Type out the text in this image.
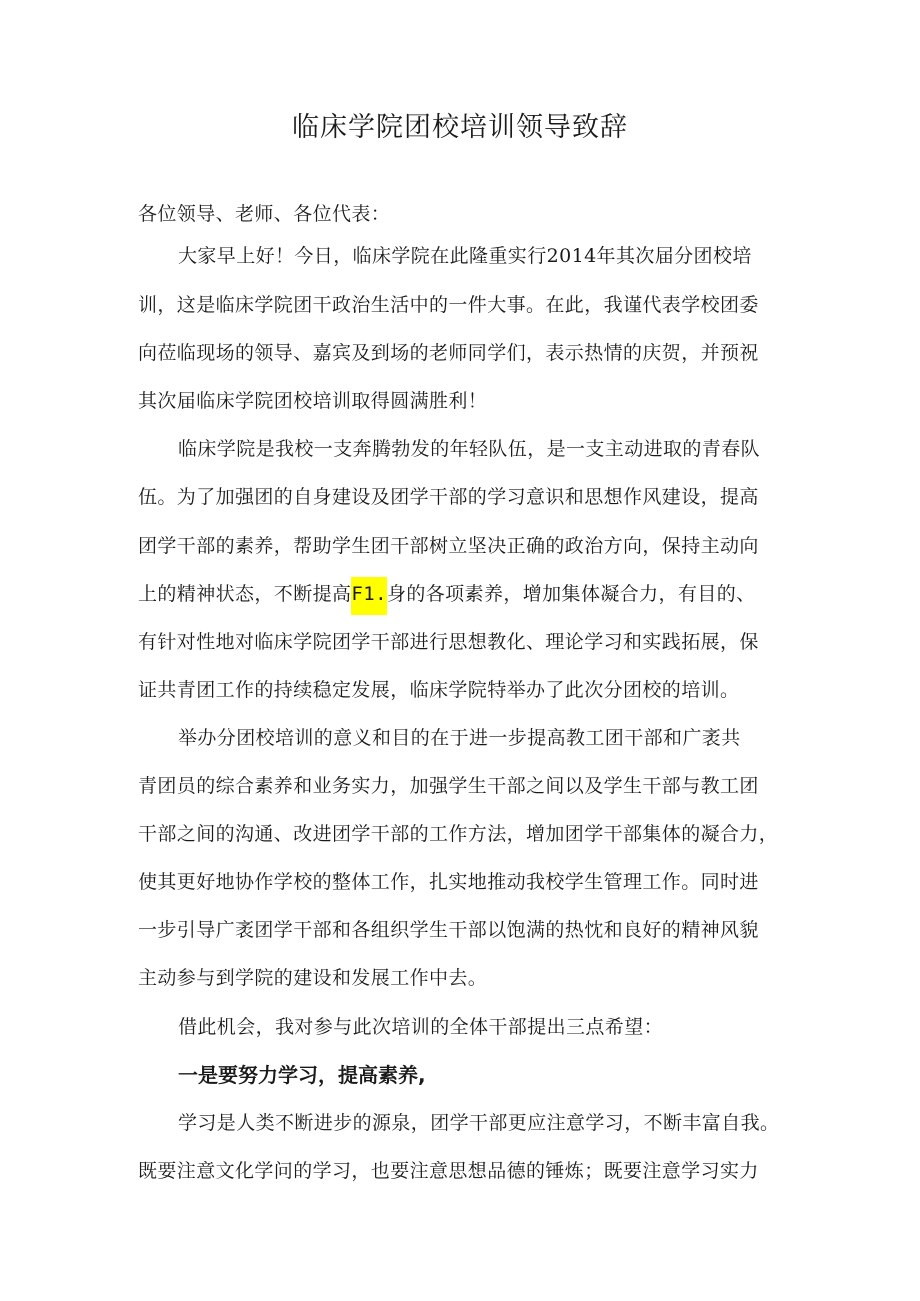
临床学院团校培训领导致辞
各位领导、老师、各位代表：
大家早上好！今日，临床学院在此隆重实行2014年其次届分团校培
训，这是临床学院团干政治生活中的一件大事。在此，我谨代表学校团委
向莅临现场的领导、嘉宾及到场的老师同学们，表示热情的庆贺，并预祝
其次届临床学院团校培训取得圆满胜利！
临床学院是我校一支奔腾勃发的年轻队伍，是一支主动进取的青春队
伍。为了加强团的自身建设及团学干部的学习意识和思想作风建设，提高
团学干部的素养，帮助学生团干部树立坚决正确的政治方向，保持主动向
上的精神状态，不断提高F1.身的各项素养，增加集体凝合力，有目的、
有针对性地对临床学院团学干部进行思想教化、理论学习和实践拓展，保
证共青团工作的持续稳定发展，临床学院特举办了此次分团校的培训。
举办分团校培训的意义和目的在于进一步提高教工团干部和广袤共
青团员的综合素养和业务实力，加强学生干部之间以及学生干部与教工团
干部之间的沟通、改进团学干部的工作方法，增加团学干部集体的凝合力，
使其更好地协作学校的整体工作，扎实地推动我校学生管理工作。同时进
一步引导广袤团学干部和各组织学生干部以饱满的热忱和良好的精神风貌
主动参与到学院的建设和发展工作中去。
借此机会，我对参与此次培训的全体干部提出三点希望：
一是要努力学习，提高素养,
学习是人类不断进步的源泉，团学干部更应注意学习，不断丰富自我。
既要注意文化学问的学习，也要注意思想品德的锤炼；既要注意学习实力
